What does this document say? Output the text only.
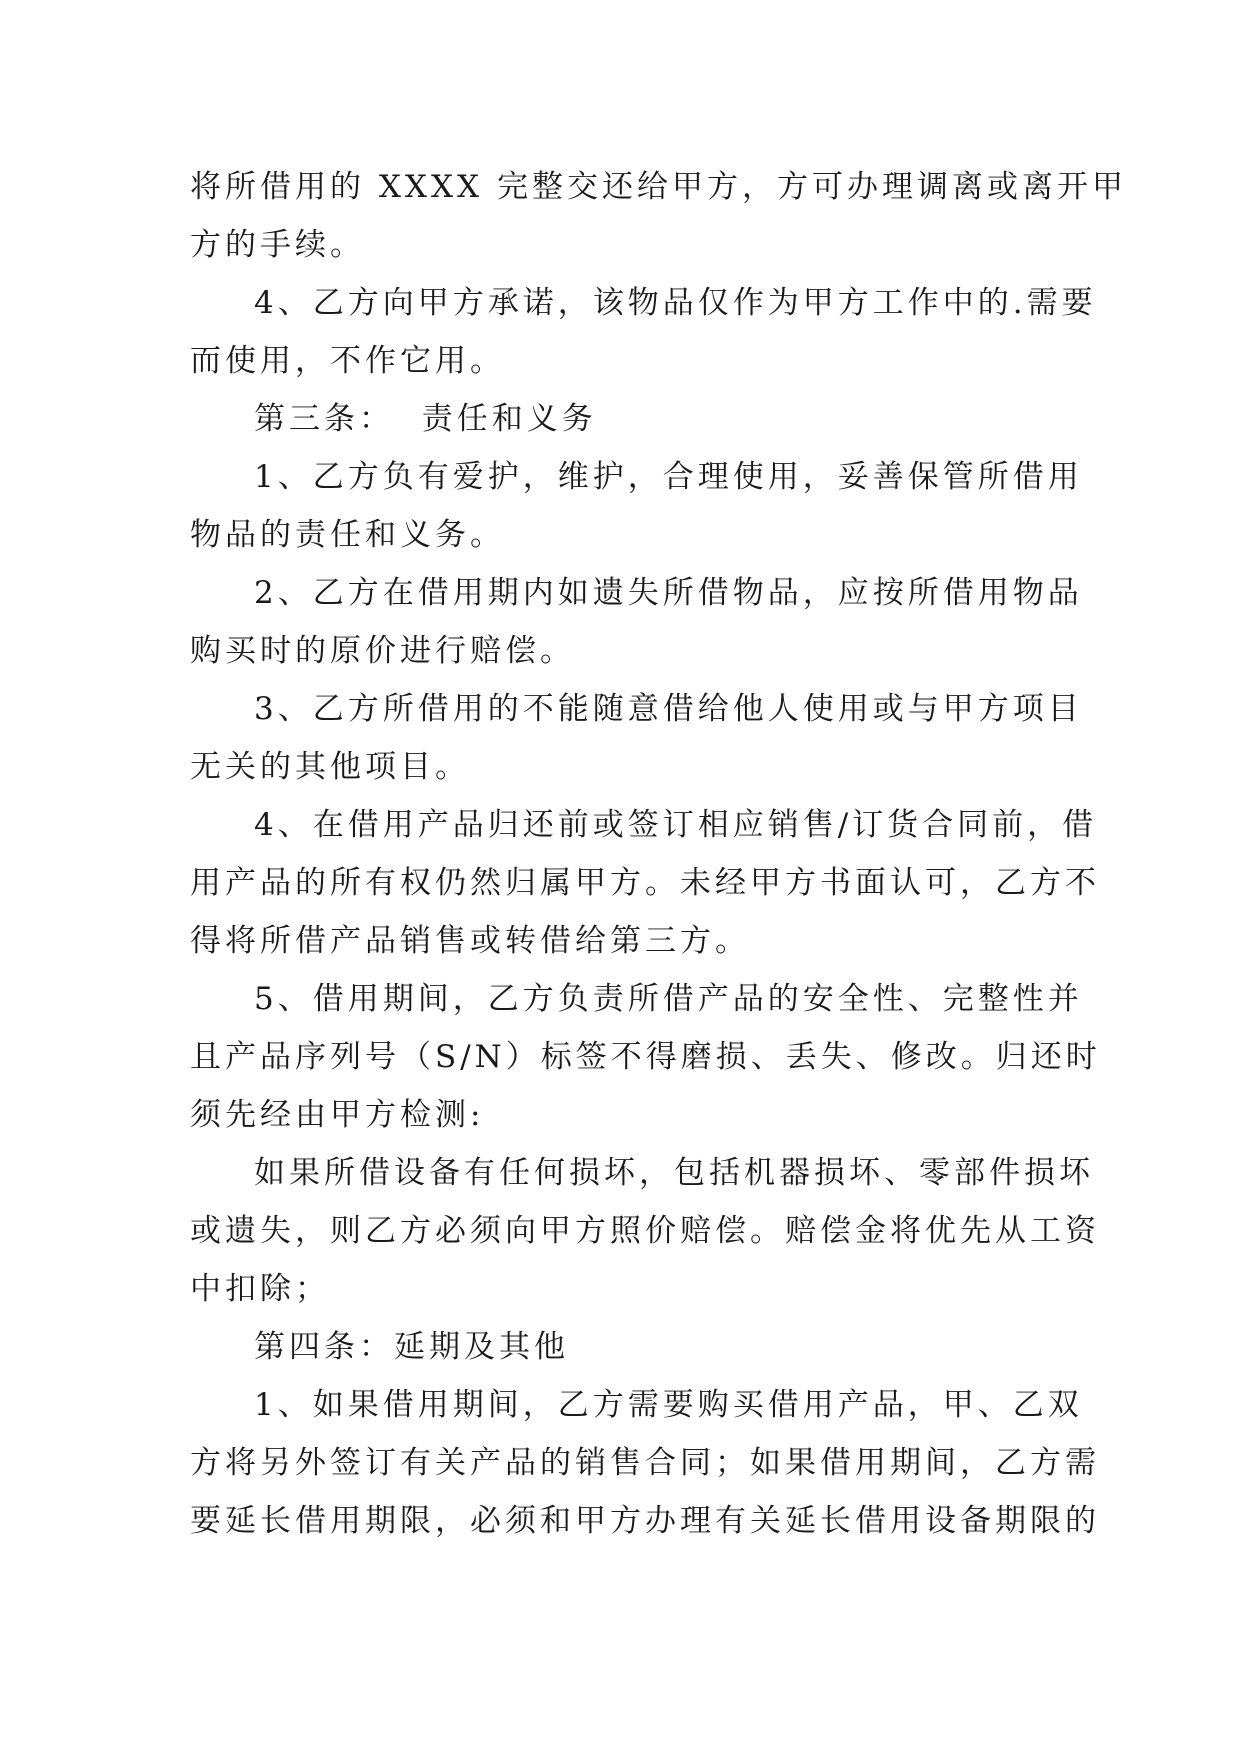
将所借用的 XXXX 完整交还给甲方，方可办理调离或离开甲
方的手续。
4、乙方向甲方承诺，该物品仅作为甲方工作中的.需要
而使用，不作它用。
第三条：  责任和义务
1、乙方负有爱护，维护，合理使用，妥善保管所借用
物品的责任和义务。
2、乙方在借用期内如遗失所借物品，应按所借用物品
购买时的原价进行赔偿。
3、乙方所借用的不能随意借给他人使用或与甲方项目
无关的其他项目。
4、在借用产品归还前或签订相应销售/订货合同前，借
用产品的所有权仍然归属甲方。未经甲方书面认可，乙方不
得将所借产品销售或转借给第三方。
5、借用期间，乙方负责所借产品的安全性、完整性并
且产品序列号（S/N）标签不得磨损、丢失、修改。归还时
须先经由甲方检测:
如果所借设备有任何损坏，包括机器损坏、零部件损坏
或遗失，则乙方必须向甲方照价赔偿。赔偿金将优先从工资
中扣除；
第四条：延期及其他
1、如果借用期间，乙方需要购买借用产品，甲、乙双
方将另外签订有关产品的销售合同；如果借用期间，乙方需
要延长借用期限，必须和甲方办理有关延长借用设备期限的
